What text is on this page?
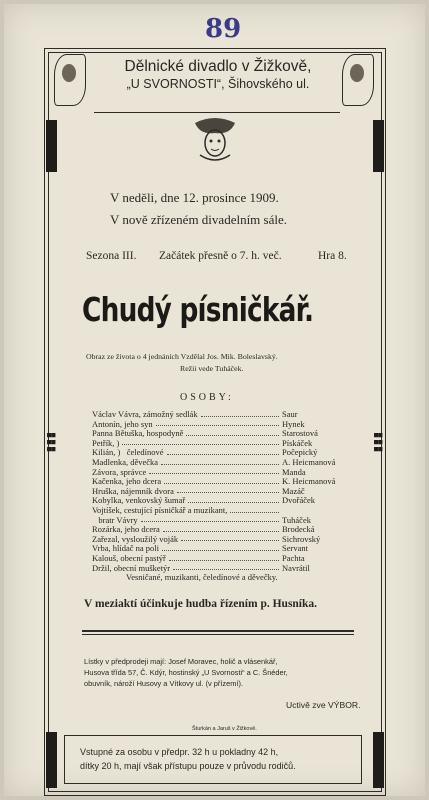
89
Dělnické divadlo v Žižkově,
„U SVORNOSTI“, Šihovského ul.
■■
■■
■■
■■
■■
■■
V neděli, dne 12. prosince 1909.
V nově zřízeném divadelním sále.
Sezona III. Začátek přesně o 7. h. več.	Hra 8.
Chudý písničkář.
Obraz ze života o 4 jednáních Vzdělal Jos. Mik. Boleslavský.
Režii vede Tuháček.
OSOBY:
Václav Vávra, zámožný sedlák	Saur
Antonín, jeho syn	Hynek
Panna Bětuška, hospodyně	Starostová
Petřík, )	Pískáček
Kilián, )   čeledínové	Počepický
Madlenka, děvečka	A. Heicmanová
Závora, správce	Manda
Kačenka, jeho dcera	K. Heicmanová
Hruška, nájemník dvora	Mazáč
Kobylka, venkovský šumař	Dvořáček
Vojtíšek, cestující písničkář a muzikant,
bratr Vávry	Tuháček
Rozárka, jeho dcera	Brodecká
Zařezal, vysloužilý voják	Sichrovský
Vrba, hlídač na poli	Servant
Kalouš, obecní pastýř	Pachta
Držil, obecní mušketýr	Navrátil
Vesničané, muzikanti, čeledínové a děvečky.
V meziaktí účinkuje hudba řízením p. Husníka.
Lístky v předprodeji mají: Josef Moravec, holič a vlásenkář,
Husova třída 57, Č. Kdýr, hostinský „U Svornosti“ a C. Šnéder,
obuvník, nároží Husovy a Vítkovy ul. (v přízemí).
Uctivě zve VÝBOR.
Šturkán a Jaruš v Žižkově.
Vstupné za osobu v předpr. 32 h u pokladny 42 h,
dítky 20 h, mají však přístupu pouze v průvodu rodičů.
